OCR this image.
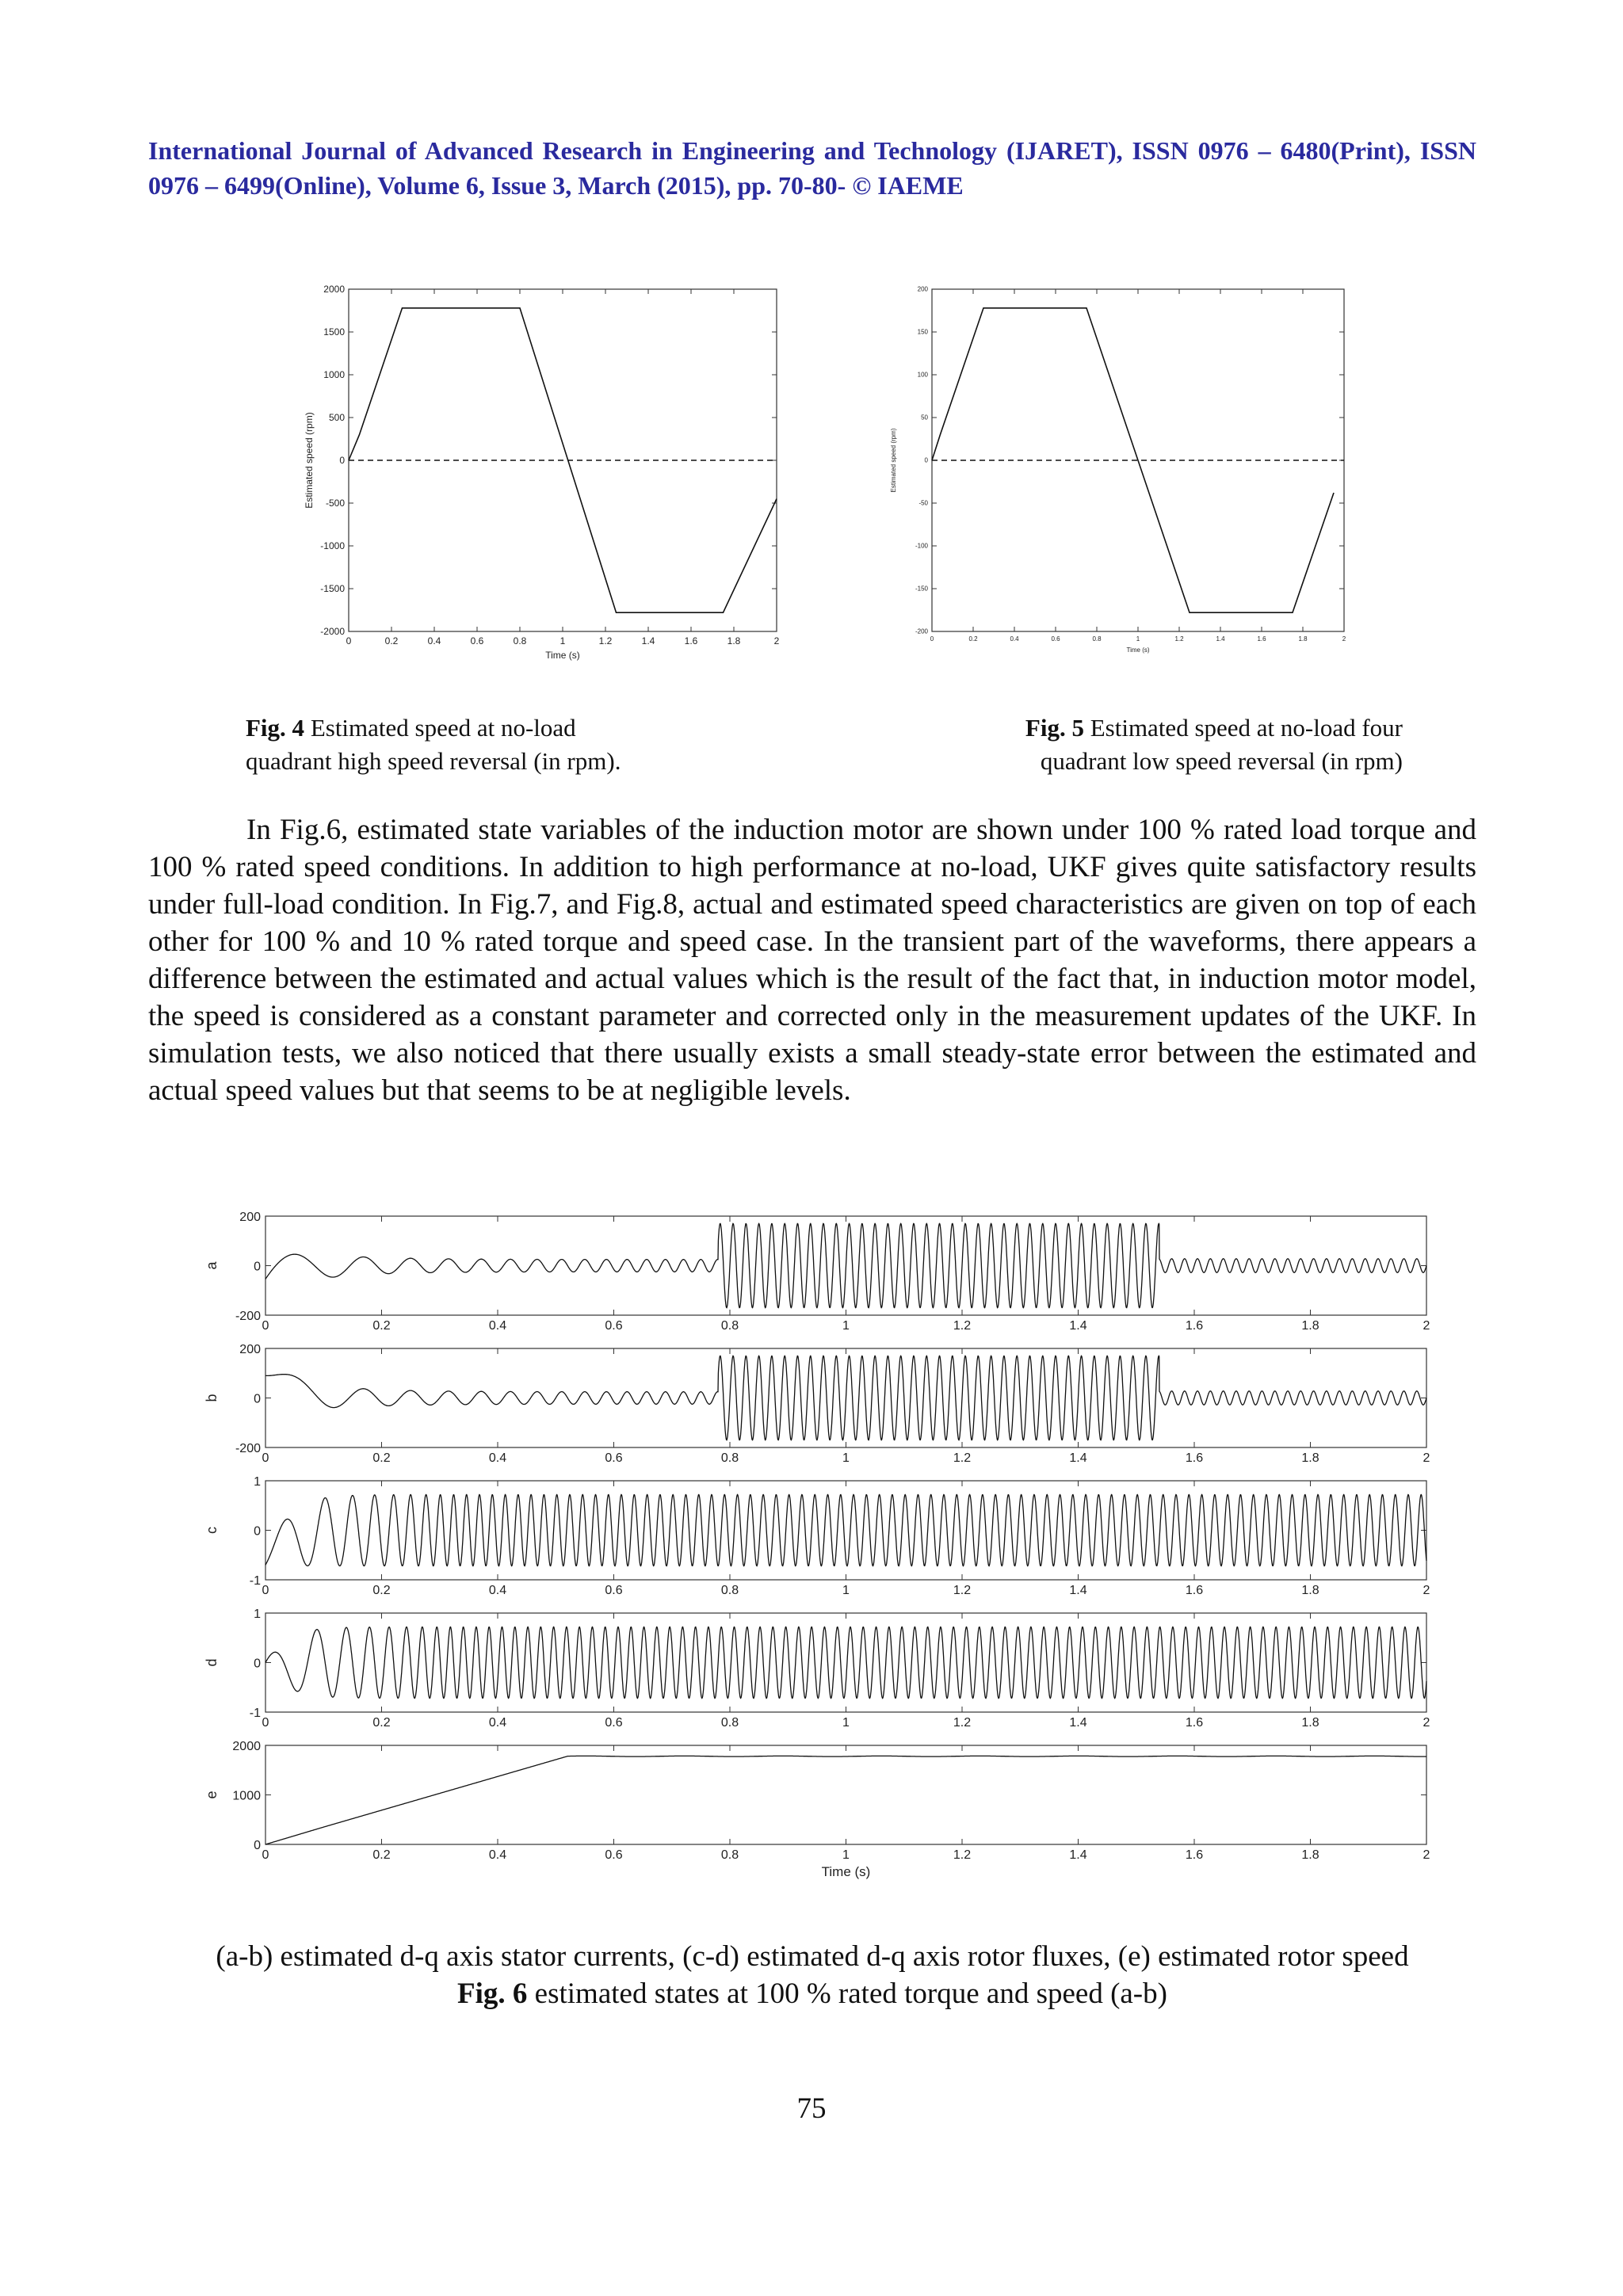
International Journal of Advanced Research in Engineering and Technology (IJARET), ISSN 0976 – 6480(Print), ISSN 0976 – 6499(Online), Volume 6, Issue 3, March (2015), pp. 70-80- © IAEME
0	0.2	0.4	0.6	0.8	1	1.2	1.4	1.6	1.8	2
2000
1500
1000
500
0
-500
-1000
-1500
-2000
Time (s)
Estimated speed (rpm)
0	0.2	0.4	0.6	0.8	1	1.2	1.4	1.6	1.8	2
200
150
100
50
0
-50
-100
-150
-200
Time (s)
Estimated speed (rpm)
Fig. 4 Estimated speed at no-load
quadrant high speed reversal (in rpm).
Fig. 5 Estimated speed at no-load four
quadrant low speed reversal (in rpm)
In Fig.6, estimated state variables of the induction motor are shown under 100 % rated load torque and 100 % rated speed conditions. In addition to high performance at no-load, UKF gives quite satisfactory results under full-load condition. In Fig.7, and Fig.8, actual and estimated speed characteristics are given on top of each other for 100 % and 10 % rated torque and speed case. In the transient part of the waveforms, there appears a difference between the estimated and actual values which is the result of the fact that, in induction motor model, the speed is considered as a constant parameter and corrected only in the measurement updates of the UKF. In simulation tests, we also noticed that there usually exists a small steady-state error between the estimated and actual speed values but that seems to be at negligible levels.
0	0.2	0.4	0.6	0.8	1	1.2	1.4	1.6	1.8	2
200
0
-200
a
0	0.2	0.4	0.6	0.8	1	1.2	1.4	1.6	1.8	2
200
0
-200
b
0	0.2	0.4	0.6	0.8	1	1.2	1.4	1.6	1.8	2
1
0
-1
c
0	0.2	0.4	0.6	0.8	1	1.2	1.4	1.6	1.8	2
1
0
-1
d
0	0.2	0.4	0.6	0.8	1	1.2	1.4	1.6	1.8	2
2000
1000
0
e
Time (s)
(a-b) estimated d-q axis stator currents, (c-d) estimated d-q axis rotor fluxes, (e) estimated rotor speed
Fig. 6 estimated states at 100 % rated torque and speed (a-b)
75
